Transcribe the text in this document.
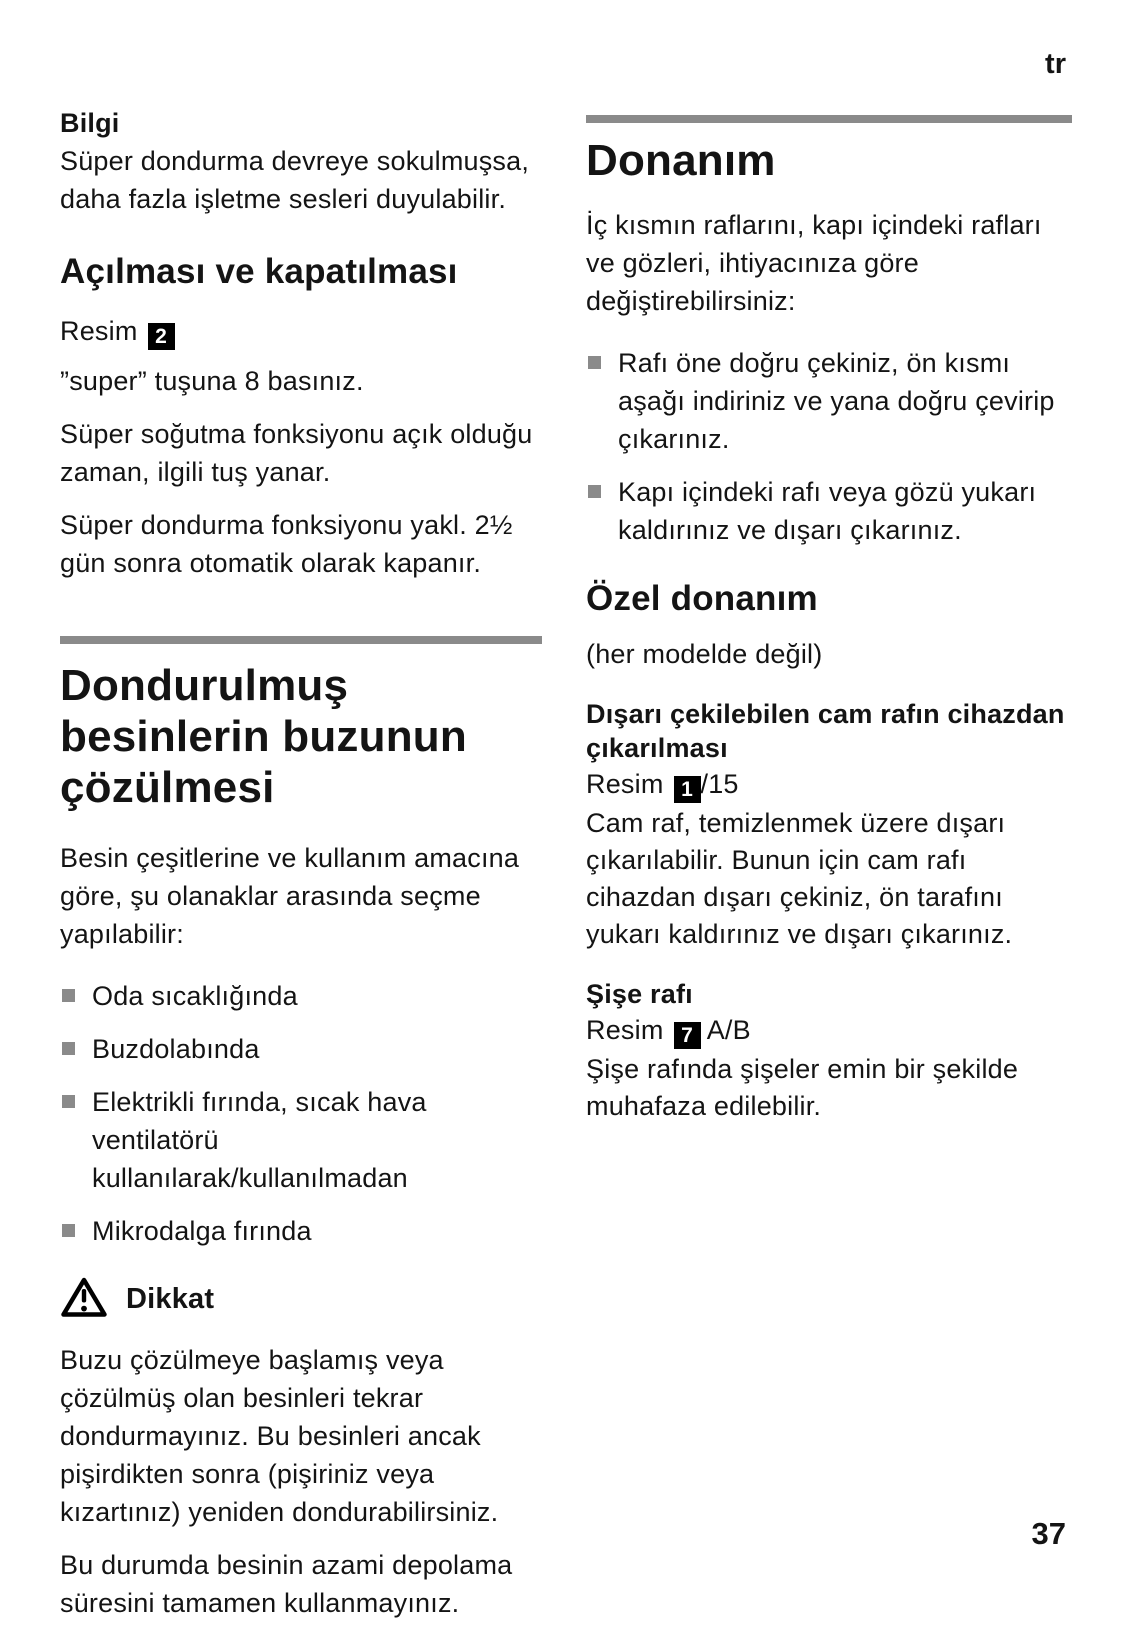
tr

Bilgi

Süper dondurma devreye sokulmuşsa, daha fazla işletme sesleri duyulabilir.

Açılması ve kapatılması

Resim 2

”super” tuşuna 8 basınız.

Süper soğutma fonksiyonu açık olduğu zaman, ilgili tuş yanar.

Süper dondurma fonksiyonu yakl. 2½ gün sonra otomatik olarak kapanır.

Dondurulmuş besinlerin buzunun çözülmesi

Besin çeşitlerine ve kullanım amacına göre, şu olanaklar arasında seçme yapılabilir:

Oda sıcaklığında
Buzdolabında
Elektrikli fırında, sıcak hava ventilatörü kullanılarak/kullanılmadan
Mikrodalga fırında
Dikkat

Buzu çözülmeye başlamış veya çözülmüş olan besinleri tekrar dondurmayınız. Bu besinleri ancak pişirdikten sonra (pişiriniz veya kızartınız) yeniden dondurabilirsiniz.

Bu durumda besinin azami depolama süresini tamamen kullanmayınız.

Donanım

İç kısmın raflarını, kapı içindeki rafları ve gözleri, ihtiyacınıza göre değiştirebilirsiniz:

Rafı öne doğru çekiniz, ön kısmı aşağı indiriniz ve yana doğru çevirip çıkarınız.
Kapı içindeki rafı veya gözü yukarı kaldırınız ve dışarı çıkarınız.
Özel donanım

(her modelde değil)

Dışarı çekilebilen cam rafın cihazdan çıkarılması

Resim 1 /15

Cam raf, temizlenmek üzere dışarı çıkarılabilir. Bunun için cam rafı cihazdan dışarı çekiniz, ön tarafını yukarı kaldırınız ve dışarı çıkarınız.

Şişe rafı

Resim 7 A/B

Şişe rafında şişeler emin bir şekilde muhafaza edilebilir.

37
